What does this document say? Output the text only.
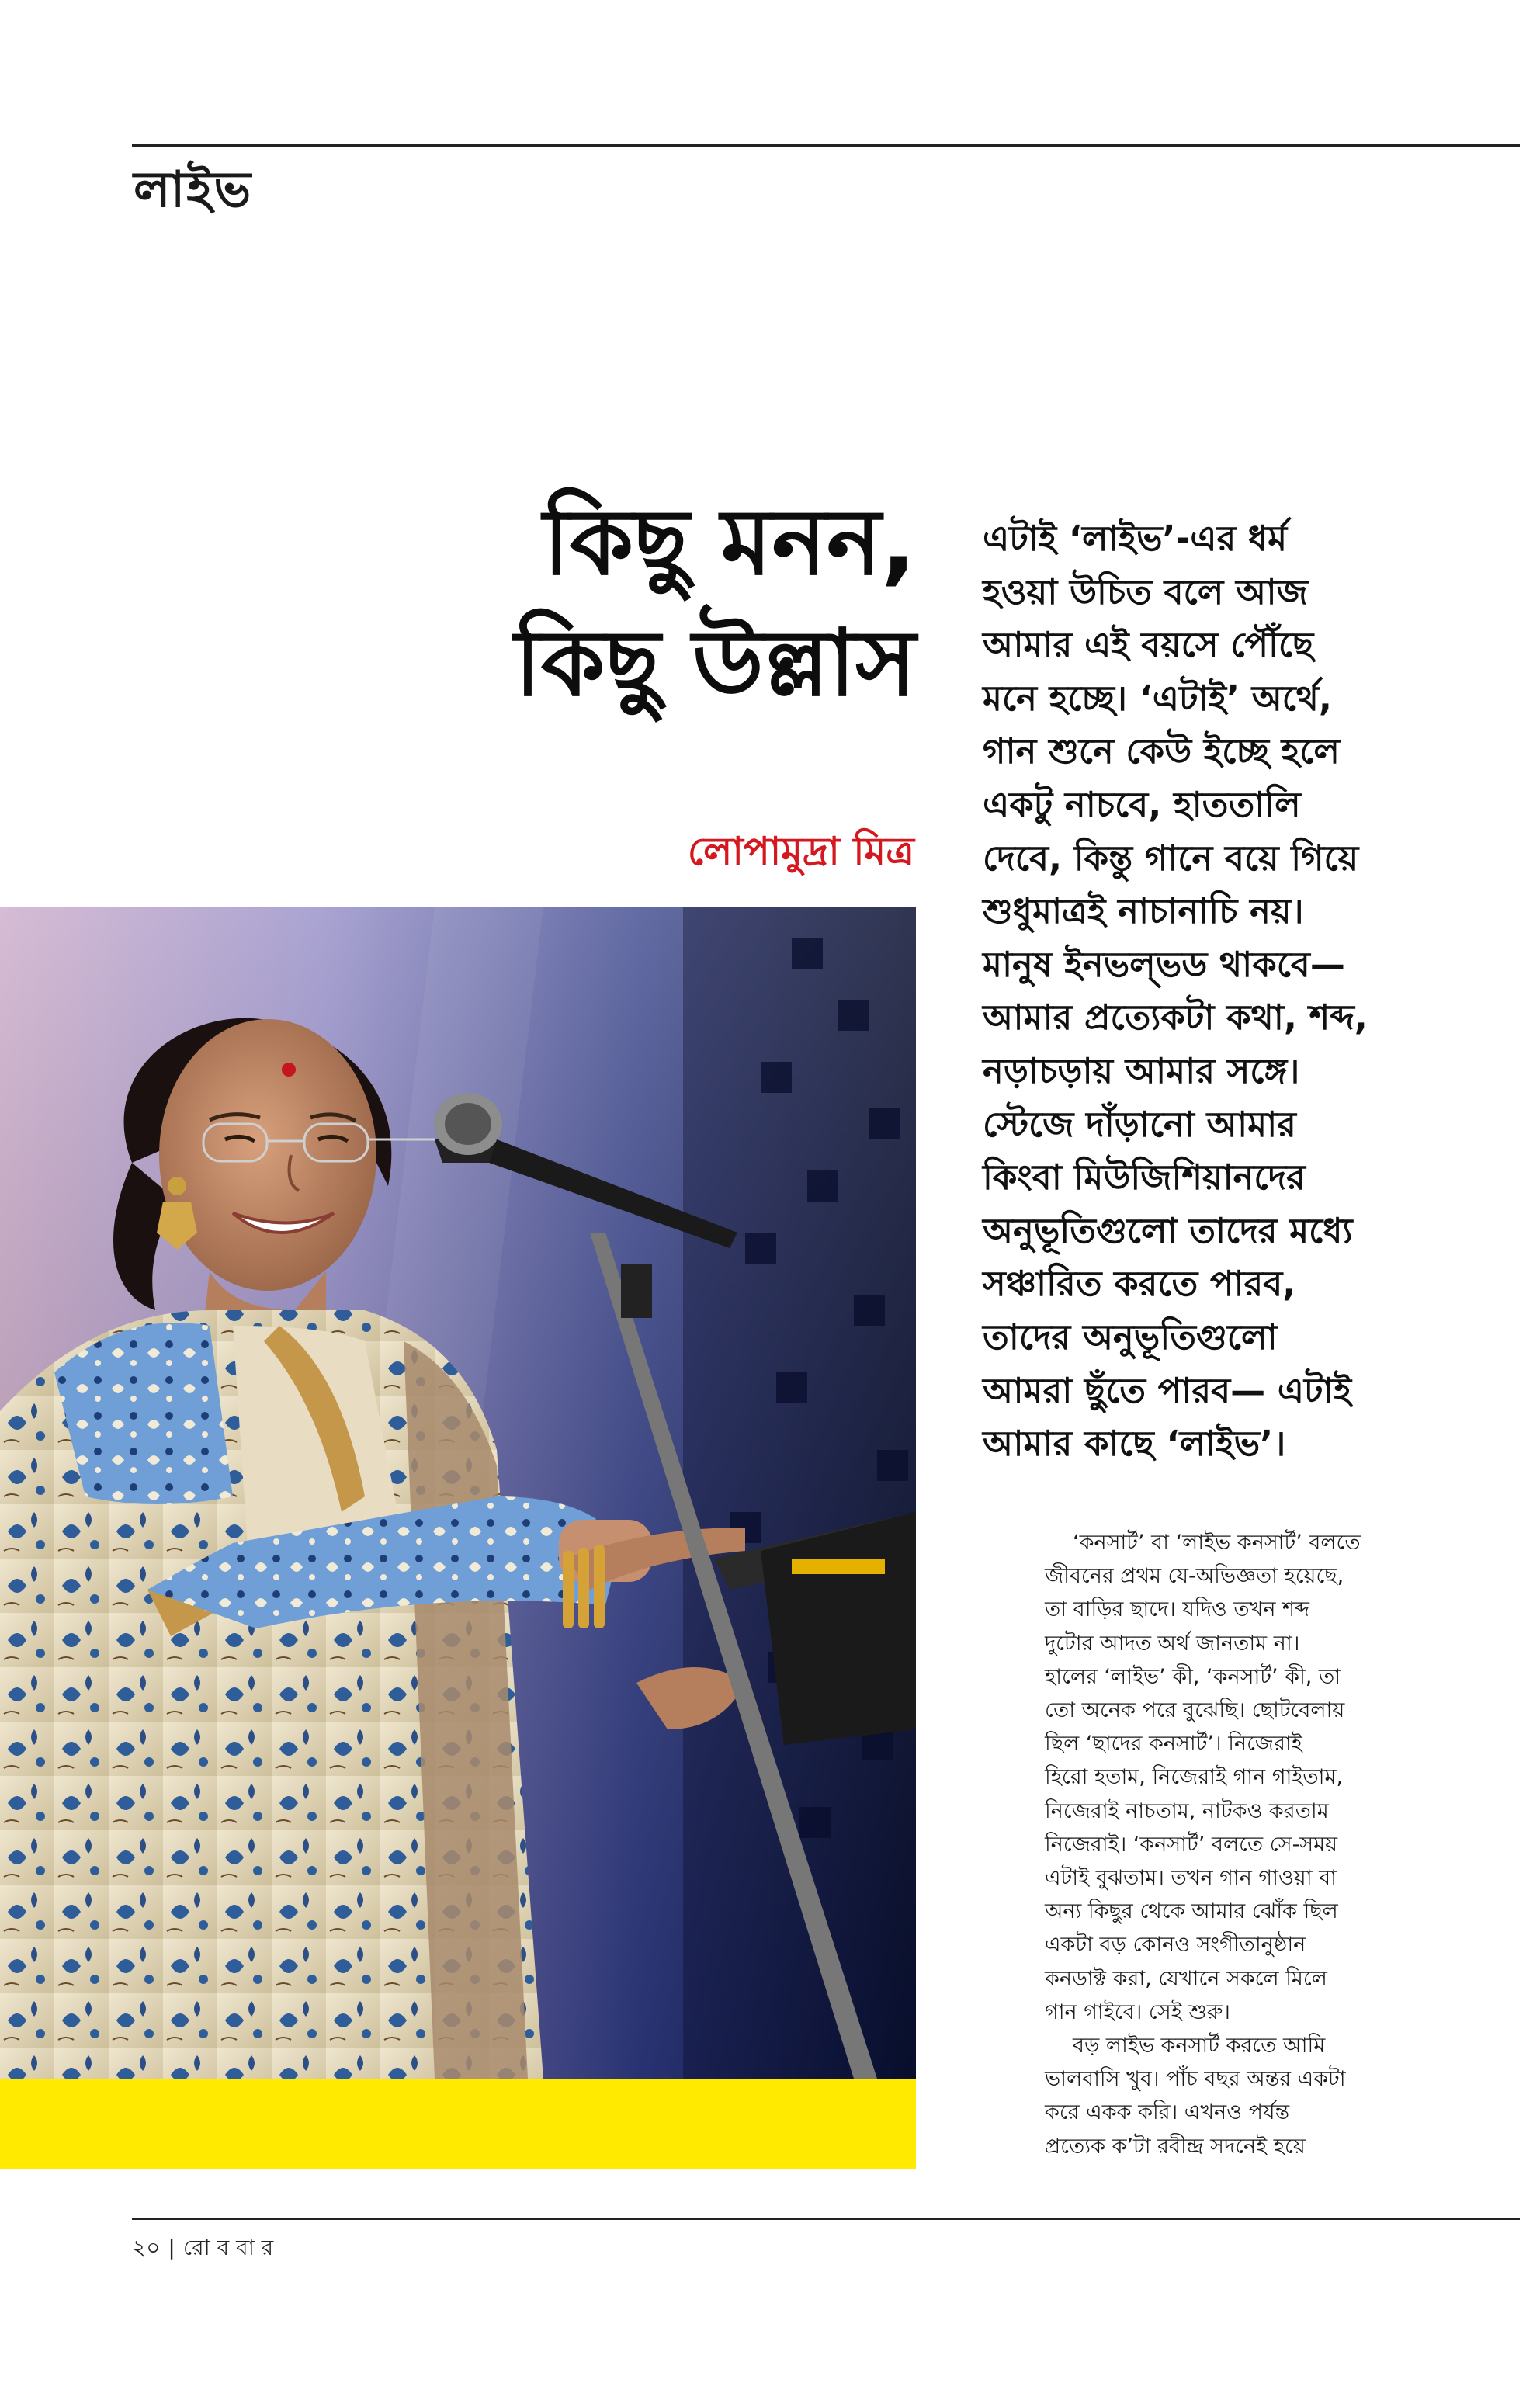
লাইভ
কিছু মনন,
কিছু উল্লাস
লোপামুদ্রা মিত্র
এটাই ‘লাইভ’-এর ধর্ম
হওয়া উচিত বলে আজ
আমার এই বয়সে পৌঁছে
মনে হচ্ছে। ‘এটাই’ অর্থে,
গান শুনে কেউ ইচ্ছে হলে
একটু নাচবে, হাততালি
দেবে, কিন্তু গানে বয়ে গিয়ে
শুধুমাত্রই নাচানাচি নয়।
মানুষ ইনভল্‌ভড থাকবে—
আমার প্রত্যেকটা কথা, শব্দ,
নড়াচড়ায় আমার সঙ্গে।
স্টেজে দাঁড়ানো আমার
কিংবা মিউজিশিয়ানদের
অনুভূতিগুলো তাদের মধ্যে
সঞ্চারিত করতে পারব,
তাদের অনুভূতিগুলো
আমরা ছুঁতে পারব— এটাই
আমার কাছে ‘লাইভ’।
‘কনসার্ট’ বা ‘লাইভ কনসার্ট’ বলতে
জীবনের প্রথম যে-অভিজ্ঞতা হয়েছে,
তা বাড়ির ছাদে। যদিও তখন শব্দ
দুটোর আদত অর্থ জানতাম না।
হালের ‘লাইভ’ কী, ‘কনসার্ট’ কী, তা
তো অনেক পরে বুঝেছি। ছোটবেলায়
ছিল ‘ছাদের কনসার্ট’। নিজেরাই
হিরো হতাম, নিজেরাই গান গাইতাম,
নিজেরাই নাচতাম, নাটকও করতাম
নিজেরাই। ‘কনসার্ট’ বলতে সে-সময়
এটাই বুঝতাম। তখন গান গাওয়া বা
অন্য কিছুর থেকে আমার ঝোঁক ছিল
একটা বড় কোনও সংগীতানুষ্ঠান
কনডাক্ট করা, যেখানে সকলে মিলে
গান গাইবে। সেই শুরু।
বড় লাইভ কনসার্ট করতে আমি
ভালবাসি খুব। পাঁচ বছর অন্তর একটা
করে একক করি। এখনও পর্যন্ত
প্রত্যেক ক’টা রবীন্দ্র সদনেই হয়ে
২০ | রো ব বা র
